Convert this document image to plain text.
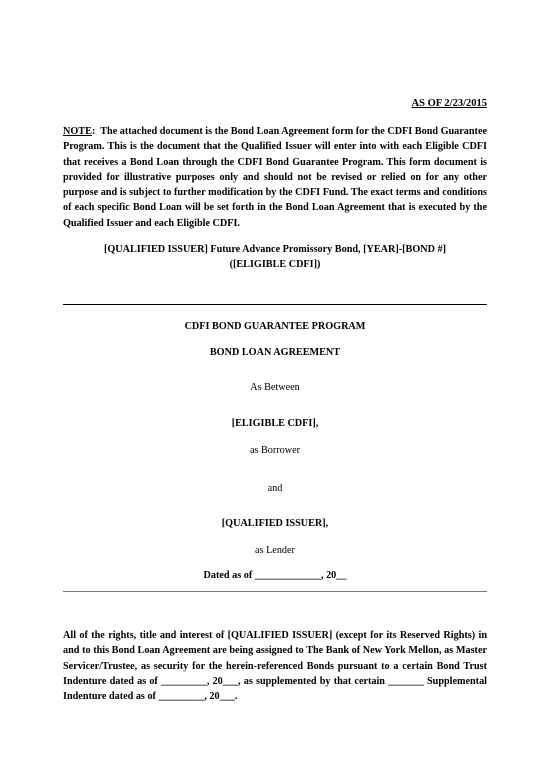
AS OF 2/23/2015

NOTE:  The attached document is the Bond Loan Agreement form for the CDFI Bond Guarantee Program. This is the document that the Qualified Issuer will enter into with each Eligible CDFI that receives a Bond Loan through the CDFI Bond Guarantee Program. This form document is provided for illustrative purposes only and should not be revised or relied on for any other purpose and is subject to further modification by the CDFI Fund. The exact terms and conditions of each specific Bond Loan will be set forth in the Bond Loan Agreement that is executed by the Qualified Issuer and each Eligible CDFI.

[QUALIFIED ISSUER] Future Advance Promissory Bond, [YEAR]-[BOND #]

([ELIGIBLE CDFI])

CDFI BOND GUARANTEE PROGRAM

BOND LOAN AGREEMENT

As Between

[ELIGIBLE CDFI],

as Borrower

and

[QUALIFIED ISSUER],

as Lender

Dated as of _____________, 20__

All of the rights, title and interest of [QUALIFIED ISSUER] (except for its Reserved Rights) in and to this Bond Loan Agreement are being assigned to The Bank of New York Mellon, as Master Servicer/Trustee, as security for the herein-referenced Bonds pursuant to a certain Bond Trust Indenture dated as of _________, 20___, as supplemented by that certain _______ Supplemental Indenture dated as of _________, 20___.
